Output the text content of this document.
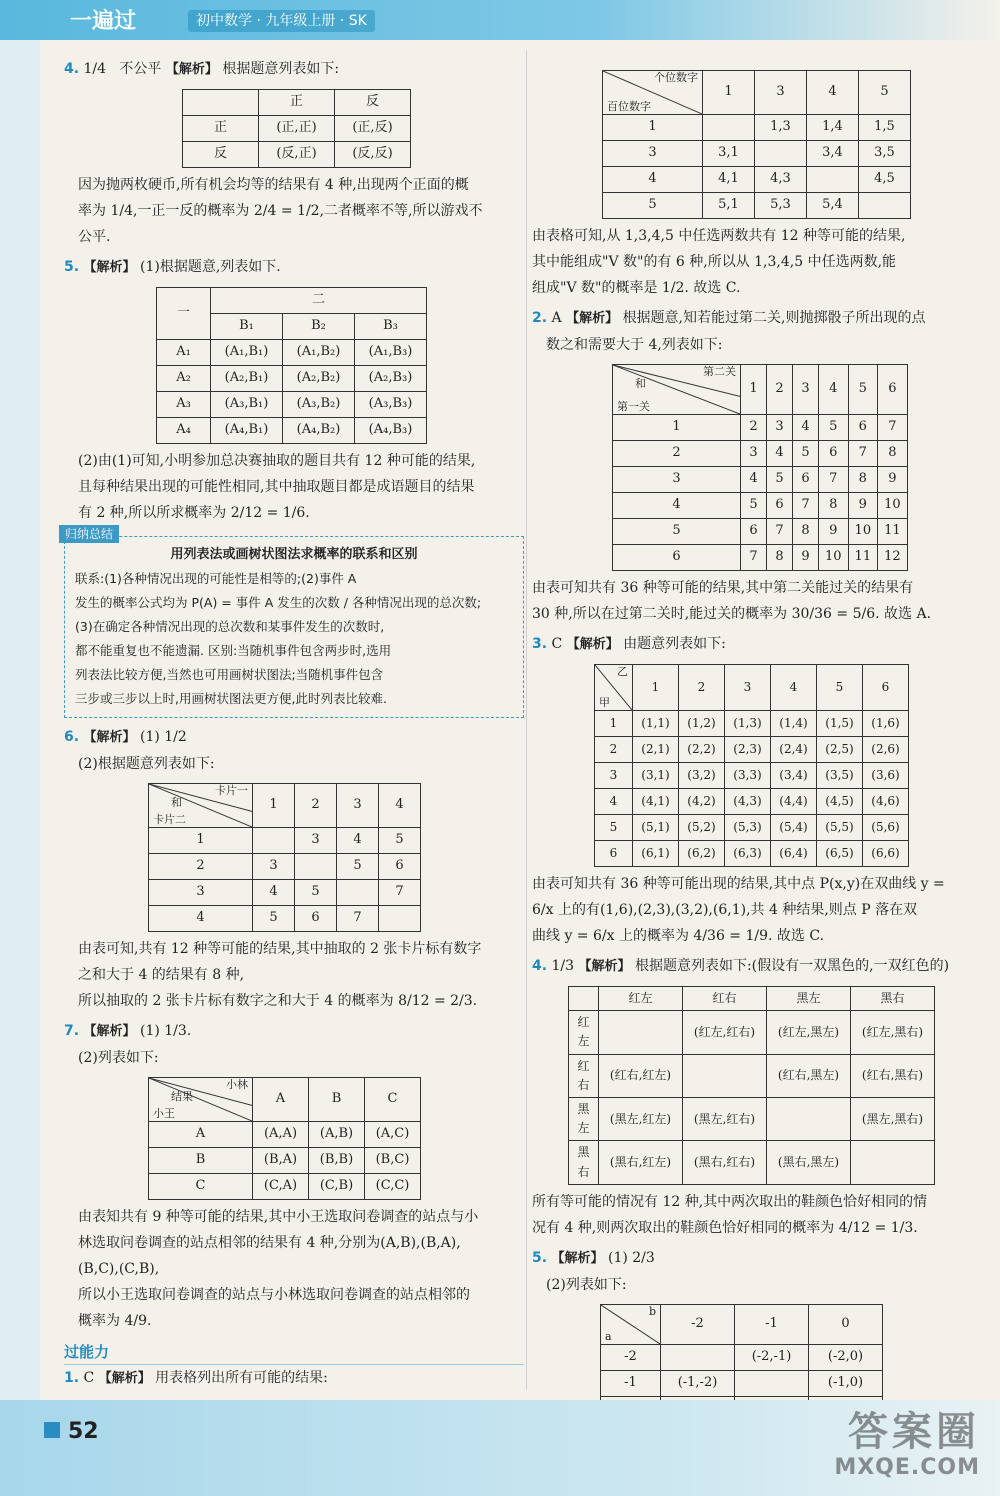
一遍过	初中数学 · 九年级上册 · SK
4. 1/4 不公平 【解析】 根据题意列表如下:
	正	反
正	(正,正)	(正,反)
反	(反,正)	(反,反)
因为抛两枚硬币,所有机会均等的结果有 4 种,出现两个正面的概
率为 1/4,一正一反的概率为 2/4 = 1/2,二者概率不等,所以游戏不
公平.
5. 【解析】 (1)根据题意,列表如下.
一	二		
	B₁	B₂	B₃
A₁	(A₁,B₁)	(A₁,B₂)	(A₁,B₃)
A₂	(A₂,B₁)	(A₂,B₂)	(A₂,B₃)
A₃	(A₃,B₁)	(A₃,B₂)	(A₃,B₃)
A₄	(A₄,B₁)	(A₄,B₂)	(A₄,B₃)
(2)由(1)可知,小明参加总决赛抽取的题目共有 12 种可能的结果,
且每种结果出现的可能性相同,其中抽取题目都是成语题目的结果
有 2 种,所以所求概率为 2/12 = 1/6.
归纳总结
用列表法或画树状图法求概率的联系和区别
联系:(1)各种情况出现的可能性是相等的;(2)事件 A
发生的概率公式均为 P(A) = 事件 A 发生的次数 / 各种情况出现的总次数;
(3)在确定各种情况出现的总次数和某事件发生的次数时,
都不能重复也不能遗漏. 区别:当随机事件包含两步时,选用
列表法比较方便,当然也可用画树状图法;当随机事件包含
三步或三步以上时,用画树状图法更方便,此时列表比较难.
6. 【解析】 (1) 1/2
(2)根据题意列表如下:
卡片一
和
卡片二	1	2	3	4
1		3	4	5
2	3		5	6
3	4	5		7
4	5	6	7	
由表可知,共有 12 种等可能的结果,其中抽取的 2 张卡片标有数字
之和大于 4 的结果有 8 种,
所以抽取的 2 张卡片标有数字之和大于 4 的概率为 8/12 = 2/3.
7. 【解析】 (1) 1/3.
(2)列表如下:
小林
结果
小王	A	B	C
A	(A,A)	(A,B)	(A,C)
B	(B,A)	(B,B)	(B,C)
C	(C,A)	(C,B)	(C,C)
由表知共有 9 种等可能的结果,其中小王选取问卷调查的站点与小
林选取问卷调查的站点相邻的结果有 4 种,分别为(A,B),(B,A),
(B,C),(C,B),
所以小王选取问卷调查的站点与小林选取问卷调查的站点相邻的
概率为 4/9.
过能力
1. C 【解析】 用表格列出所有可能的结果:
个位数字
百位数字	1	3	4	5
1		1,3	1,4	1,5
3	3,1		3,4	3,5
4	4,1	4,3		4,5
5	5,1	5,3	5,4	
由表格可知,从 1,3,4,5 中任选两数共有 12 种等可能的结果,
其中能组成"V 数"的有 6 种,所以从 1,3,4,5 中任选两数,能
组成"V 数"的概率是 1/2. 故选 C.
2. A 【解析】 根据题意,知若能过第二关,则抛掷骰子所出现的点
数之和需要大于 4,列表如下:
第二关
和
第一关	1	2	3	4	5	6
1	2	3	4	5	6	7
2	3	4	5	6	7	8
3	4	5	6	7	8	9
4	5	6	7	8	9	10
5	6	7	8	9	10	11
6	7	8	9	10	11	12
由表可知共有 36 种等可能的结果,其中第二关能过关的结果有
30 种,所以在过第二关时,能过关的概率为 30/36 = 5/6. 故选 A.
3. C 【解析】 由题意列表如下:
乙
甲	1	2	3	4	5	6
1	(1,1)	(1,2)	(1,3)	(1,4)	(1,5)	(1,6)
2	(2,1)	(2,2)	(2,3)	(2,4)	(2,5)	(2,6)
3	(3,1)	(3,2)	(3,3)	(3,4)	(3,5)	(3,6)
4	(4,1)	(4,2)	(4,3)	(4,4)	(4,5)	(4,6)
5	(5,1)	(5,2)	(5,3)	(5,4)	(5,5)	(5,6)
6	(6,1)	(6,2)	(6,3)	(6,4)	(6,5)	(6,6)
由表可知共有 36 种等可能出现的结果,其中点 P(x,y)在双曲线 y =
6/x 上的有(1,6),(2,3),(3,2),(6,1),共 4 种结果,则点 P 落在双
曲线 y = 6/x 上的概率为 4/36 = 1/9. 故选 C.
4. 1/3 【解析】 根据题意列表如下:(假设有一双黑色的,一双红色的)
	红左	红右	黑左	黑右
红左		(红左,红右)	(红左,黑左)	(红左,黑右)
红右	(红右,红左)		(红右,黑左)	(红右,黑右)
黑左	(黑左,红左)	(黑左,红右)		(黑左,黑右)
黑右	(黑右,红左)	(黑右,红右)	(黑右,黑左)	
所有等可能的情况有 12 种,其中两次取出的鞋颜色恰好相同的情
况有 4 种,则两次取出的鞋颜色恰好相同的概率为 4/12 = 1/3.
5. 【解析】 (1) 2/3
(2)列表如下:
b
a	-2	-1	0
-2		(-2,-1)	(-2,0)
-1	(-1,-2)		(-1,0)

52	答案圈
MXQE.COM
